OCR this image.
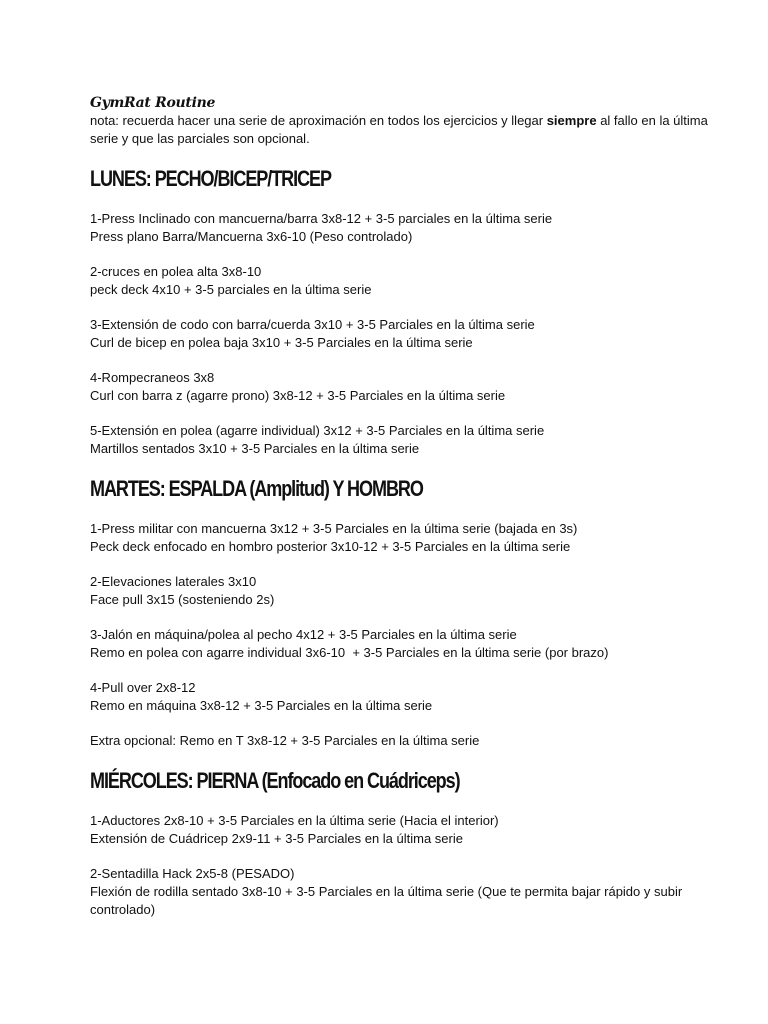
GymRat Routine

nota: recuerda hacer una serie de aproximación en todos los ejercicios y llegar siempre al fallo en la última serie y que las parciales son opcional.

LUNES: PECHO/BICEP/TRICEP

1-Press Inclinado con mancuerna/barra 3x8-12 + 3-5 parciales en la última serie
Press plano Barra/Mancuerna 3x6-10 (Peso controlado)
2-cruces en polea alta 3x8-10
peck deck 4x10 + 3-5 parciales en la última serie
3-Extensión de codo con barra/cuerda 3x10 + 3-5 Parciales en la última serie
Curl de bicep en polea baja 3x10 + 3-5 Parciales en la última serie
4-Rompecraneos 3x8
Curl con barra z (agarre prono) 3x8-12 + 3-5 Parciales en la última serie
5-Extensión en polea (agarre individual) 3x12 + 3-5 Parciales en la última serie
Martillos sentados 3x10 + 3-5 Parciales en la última serie

MARTES: ESPALDA (Amplitud) Y HOMBRO

1-Press militar con mancuerna 3x12 + 3-5 Parciales en la última serie (bajada en 3s)
Peck deck enfocado en hombro posterior 3x10-12 + 3-5 Parciales en la última serie
2-Elevaciones laterales 3x10
Face pull 3x15 (sosteniendo 2s)
3-Jalón en máquina/polea al pecho 4x12 + 3-5 Parciales en la última serie
Remo en polea con agarre individual 3x6-10  + 3-5 Parciales en la última serie (por brazo)
4-Pull over 2x8-12
Remo en máquina 3x8-12 + 3-5 Parciales en la última serie
Extra opcional: Remo en T 3x8-12 + 3-5 Parciales en la última serie

MIÉRCOLES: PIERNA (Enfocado en Cuádriceps)

1-Aductores 2x8-10 + 3-5 Parciales en la última serie (Hacia el interior)
Extensión de Cuádricep 2x9-11 + 3-5 Parciales en la última serie
2-Sentadilla Hack 2x5-8 (PESADO)
Flexión de rodilla sentado 3x8-10 + 3-5 Parciales en la última serie (Que te permita bajar rápido y subir controlado)
